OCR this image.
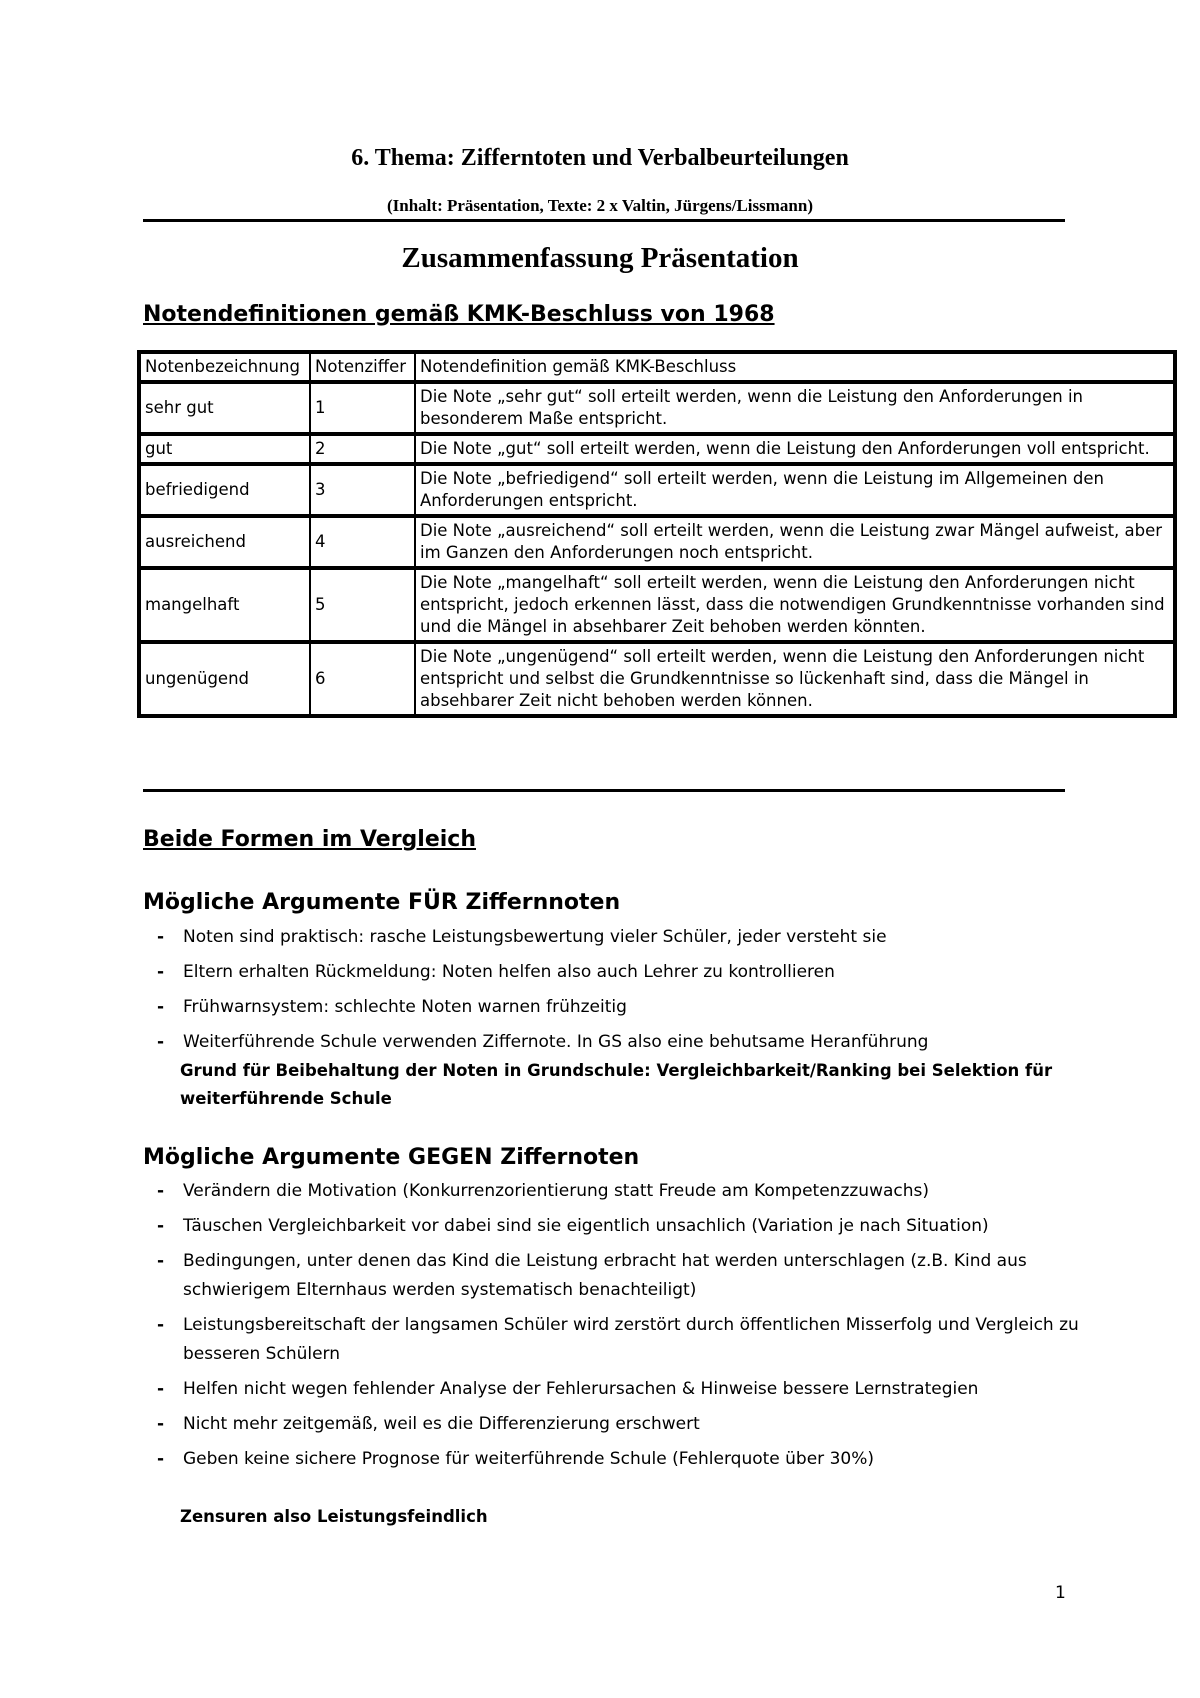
6. Thema: Zifferntoten und Verbalbeurteilungen
(Inhalt: Präsentation, Texte: 2 x Valtin, Jürgens/Lissmann)
Zusammenfassung Präsentation
Notendefinitionen gemäß KMK-Beschluss von 1968
Notenbezeichnung	Notenziffer	Notendefinition gemäß KMK-Beschluss
sehr gut	1	Die Note „sehr gut“ soll erteilt werden, wenn die Leistung den Anforderungen in besonderem Maße entspricht.
gut	2	Die Note „gut“ soll erteilt werden, wenn die Leistung den Anforderungen voll entspricht.
befriedigend	3	Die Note „befriedigend“ soll erteilt werden, wenn die Leistung im Allgemeinen den Anforderungen entspricht.
ausreichend	4	Die Note „ausreichend“ soll erteilt werden, wenn die Leistung zwar Mängel aufweist, aber im Ganzen den Anforderungen noch entspricht.
mangelhaft	5	Die Note „mangelhaft“ soll erteilt werden, wenn die Leistung den Anforderungen nicht entspricht, jedoch erkennen lässt, dass die notwendigen Grundkenntnisse vorhanden sind und die Mängel in absehbarer Zeit behoben werden könnten.
ungenügend	6	Die Note „ungenügend“ soll erteilt werden, wenn die Leistung den Anforderungen nicht entspricht und selbst die Grundkenntnisse so lückenhaft sind, dass die Mängel in absehbarer Zeit nicht behoben werden können.
Beide Formen im Vergleich
Mögliche Argumente FÜR Ziffernnoten
- Noten sind praktisch: rasche Leistungsbewertung vieler Schüler, jeder versteht sie
- Eltern erhalten Rückmeldung: Noten helfen also auch Lehrer zu kontrollieren
- Frühwarnsystem: schlechte Noten warnen frühzeitig
- Weiterführende Schule verwenden Ziffernote. In GS also eine behutsame Heranführung
Grund für Beibehaltung der Noten in Grundschule: Vergleichbarkeit/Ranking bei Selektion für weiterführende Schule
Mögliche Argumente GEGEN Ziffernoten
- Verändern die Motivation (Konkurrenzorientierung statt Freude am Kompetenzzuwachs)
- Täuschen Vergleichbarkeit vor dabei sind sie eigentlich unsachlich (Variation je nach Situation)
- Bedingungen, unter denen das Kind die Leistung erbracht hat werden unterschlagen (z.B. Kind aus schwierigem Elternhaus werden systematisch benachteiligt)
- Leistungsbereitschaft der langsamen Schüler wird zerstört durch öffentlichen Misserfolg und Vergleich zu besseren Schülern
- Helfen nicht wegen fehlender Analyse der Fehlerursachen & Hinweise bessere Lernstrategien
- Nicht mehr zeitgemäß, weil es die Differenzierung erschwert
- Geben keine sichere Prognose für weiterführende Schule (Fehlerquote über 30%)
Zensuren also Leistungsfeindlich
1
